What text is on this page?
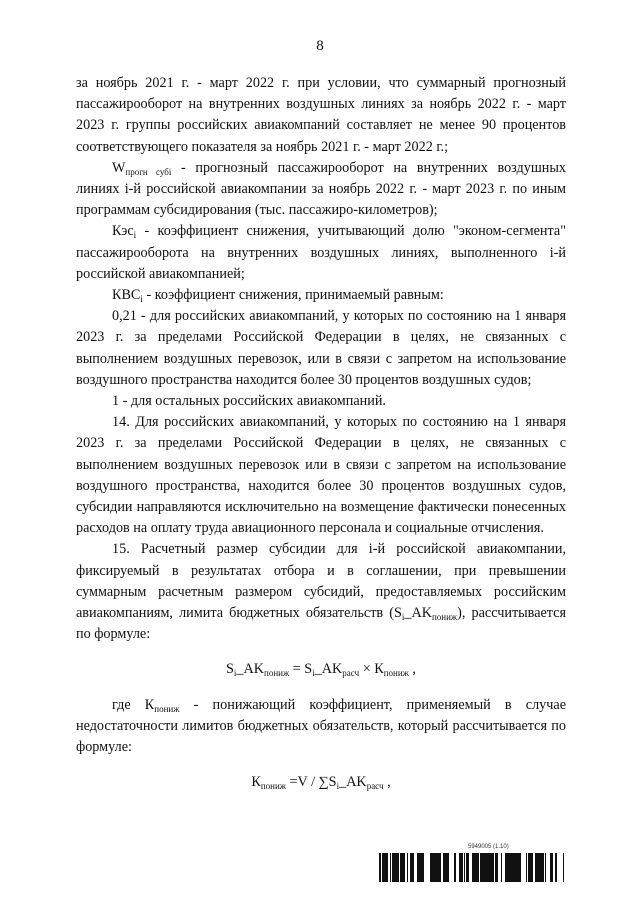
8

за ноябрь 2021 г. - март 2022 г. при условии, что суммарный прогнозный пассажирооборот на внутренних воздушных линиях за ноябрь 2022 г. - март 2023 г. группы российских авиакомпаний составляет не менее 90 процентов соответствующего показателя за ноябрь 2021 г. - март 2022 г.;

$W_{прогн субi}$ - прогнозный пассажирооборот на внутренних воздушных линиях i-й российской авиакомпании за ноябрь 2022 г. - март 2023 г. по иным программам субсидирования (тыс. пассажиро-километров);

Кэс$_i$ - коэффициент снижения, учитывающий долю "эконом-сегмента" пассажирооборота на внутренних воздушных линиях, выполненного i-й российской авиакомпанией;

$КВС_i$ - коэффициент снижения, принимаемый равным:

0,21 - для российских авиакомпаний, у которых по состоянию на 1 января 2023 г. за пределами Российской Федерации в целях, не связанных с выполнением воздушных перевозок, или в связи с запретом на использование воздушного пространства находится более 30 процентов воздушных судов;

1 - для остальных российских авиакомпаний.

14. Для российских авиакомпаний, у которых по состоянию на 1 января 2023 г. за пределами Российской Федерации в целях, не связанных с выполнением воздушных перевозок или в связи с запретом на использование воздушного пространства, находится более 30 процентов воздушных судов, субсидии направляются исключительно на возмещение фактически понесенных расходов на оплату труда авиационного персонала и социальные отчисления.

15. Расчетный размер субсидии для i-й российской авиакомпании, фиксируемый в результатах отбора и в соглашении, при превышении суммарным расчетным размером субсидий, предоставляемых российским авиакомпаниям, лимита бюджетных обязательств $(S_i\_AK_{пониж})$, рассчитывается по формуле:

$S_i\_AK_{пониж}$ = $S_i\_AK_{расч} \times К_{пониж}$ ,

где $К_{пониж}$ - понижающий коэффициент, применяемый в случае недостаточности лимитов бюджетных обязательств, который рассчитывается по формуле:

$К_{пониж} =V$ / $\sum S_i\_AK_{расч}$ ,
5949005 (1.10)
